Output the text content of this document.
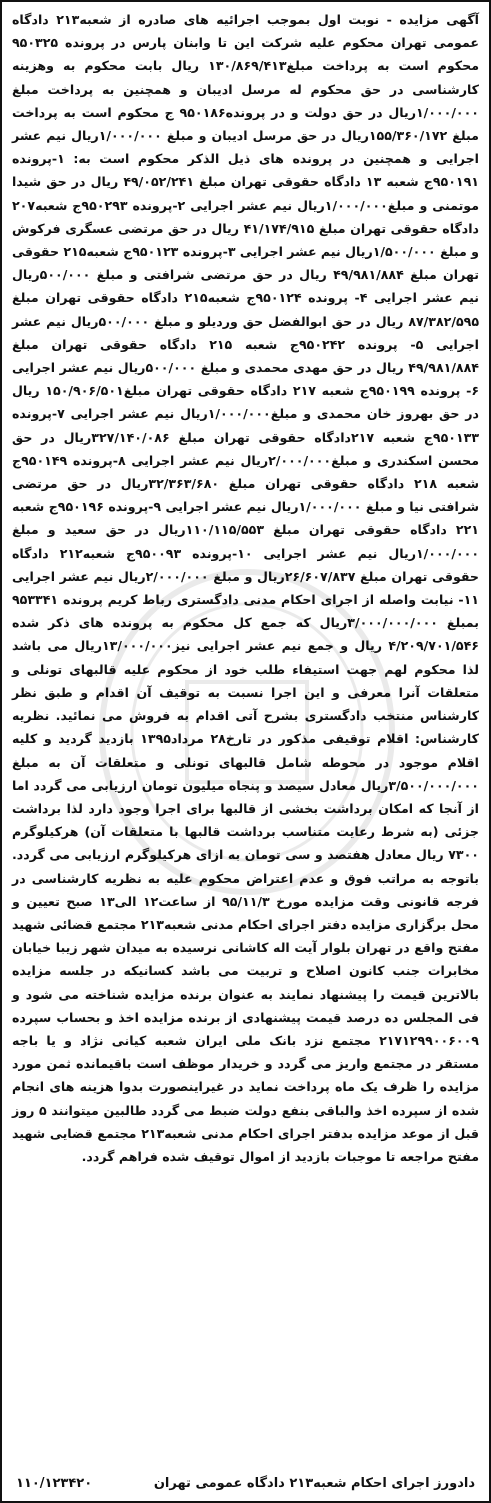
آگهی مزایده - نوبت اول بموجب اجرائیه های صادره از شعبه۲۱۳ دادگاه عمومی تهران محکوم علیه شرکت این تا وابنان پارس در پرونده ۹۵۰۳۲۵ محکوم است به پرداخت مبلغ۱۳۰/۸۶۹/۴۱۳ ریال بابت محکوم به وهزینه کارشناسی در حق محکوم له مرسل ادیبان و همچنین به پرداخت مبلغ ۱/۰۰۰/۰۰۰ریال در حق دولت و در پرونده۹۵۰۱۸۶ ج محکوم است به پرداخت مبلغ ۱۵۵/۳۶۰/۱۷۲ریال در حق مرسل ادیبان و مبلغ ۱/۰۰۰/۰۰۰ریال نیم عشر اجرایی و همچنین در پرونده های ذیل الذکر محکوم است به: ۱-پرونده ۹۵۰۱۹۱ج شعبه ۱۳ دادگاه حقوقی تهران مبلغ ۴۹/۰۵۲/۲۴۱ ریال در حق شیدا موتمنی و مبلغ۱/۰۰۰/۰۰۰ریال نیم عشر اجرایی ۲-پرونده ۹۵۰۲۹۳ج شعبه۲۰۷ دادگاه حقوقی تهران مبلغ ۴۱/۱۷۴/۹۱۵ ریال در حق مرتضی عسگری فرکوش و مبلغ ۱/۵۰۰/۰۰۰ریال نیم عشر اجرایی ۳-پرونده ۹۵۰۱۲۳ج شعبه۲۱۵ حقوقی تهران مبلغ ۴۹/۹۸۱/۸۸۴ ریال در حق مرتضی شرافتی و مبلغ ۵۰۰/۰۰۰ریال نیم عشر اجرایی ۴- پرونده ۹۵۰۱۲۴ج شعبه۲۱۵ دادگاه حقوقی تهران مبلغ ۸۷/۳۸۲/۵۹۵ ریال در حق ابوالفضل حق وردیلو و مبلغ ۵۰۰/۰۰۰ریال نیم عشر اجرایی ۵- پرونده ۹۵۰۲۴۲ج شعبه ۲۱۵ دادگاه حقوقی تهران مبلغ ۴۹/۹۸۱/۸۸۴ ریال در حق مهدی محمدی و مبلغ ۵۰۰/۰۰۰ریال نیم عشر اجرایی ۶- پرونده ۹۵۰۱۹۹ج شعبه ۲۱۷ دادگاه حقوقی تهران مبلغ۱۵۰/۹۰۶/۵۰۱ ریال در حق بهروز خان محمدی و مبلغ۱/۰۰۰/۰۰۰ریال نیم عشر اجرایی ۷-پرونده ۹۵۰۱۳۳ج شعبه ۲۱۷دادگاه حقوقی تهران مبلغ ۳۲۷/۱۴۰/۰۸۶ریال در حق محسن اسکندری و مبلغ۲/۰۰۰/۰۰۰ریال نیم عشر اجرایی ۸-پرونده ۹۵۰۱۴۹ج شعبه ۲۱۸ دادگاه حقوقی تهران مبلغ ۳۲/۳۶۳/۶۸۰ریال در حق مرتضی شرافتی نیا و مبلغ ۱/۰۰۰/۰۰۰ریال نیم عشر اجرایی ۹-پرونده ۹۵۰۱۹۶ج شعبه ۲۲۱ دادگاه حقوقی تهران مبلغ ۱۱۰/۱۱۵/۵۵۳ریال در حق سعید و مبلغ ۱/۰۰۰/۰۰۰ریال نیم عشر اجرایی ۱۰-پرونده ۹۵۰۰۹۳ج شعبه۲۱۲ دادگاه حقوقی تهران مبلغ ۲۶/۶۰۷/۸۳۷ریال و مبلغ ۲/۰۰۰/۰۰۰ریال نیم عشر اجرایی ۱۱- نیابت واصله از اجرای احکام مدنی دادگستری رباط کریم پرونده ۹۵۳۳۴۱ بمبلغ ۳/۰۰۰/۰۰۰/۰۰۰ریال که جمع کل محکوم به پرونده های ذکر شده ۴/۲۰۹/۷۰۱/۵۴۶ ریال و جمع نیم عشر اجرایی نیز۱۳/۰۰۰/۰۰۰ریال می باشد لذا محکوم لهم جهت استیفاء طلب خود از محکوم علیه قالبهای تونلی و متعلقات آنرا معرفی و این اجرا نسبت به توقیف آن اقدام و طبق نظر کارشناس منتخب دادگستری بشرح آتی اقدام به فروش می نمائید. نظریه کارشناس: اقلام توقیفی مذکور در تارخ۲۸ مرداد۱۳۹۵ بازدید گردید و کلیه اقلام موجود در محوطه شامل قالبهای تونلی و متعلقات آن به مبلغ ۳/۵۰۰/۰۰۰/۰۰۰ریال معادل سیصد و پنجاه میلیون تومان ارزیابی می گردد اما از آنجا که امکان برداشت بخشی از قالبها برای اجرا وجود دارد لذا برداشت جزئی (به شرط رعایت متناسب برداشت قالبها با متعلقات آن) هرکیلوگرم ۷۳۰۰ ریال معادل هفتصد و سی تومان به ازای هرکیلوگرم ارزیابی می گردد. باتوجه به مراتب فوق و عدم اعتراض محکوم علیه به نظریه کارشناسی در فرجه قانونی وقت مزایده مورخ ۹۵/۱۱/۳ از ساعت۱۲ الی۱۳ صبح تعیین و محل برگزاری مزایده دفتر اجرای احکام مدنی شعبه۲۱۳ مجتمع قضائی شهید مفتح واقع در تهران بلوار آیت اله کاشانی نرسیده به میدان شهر زیبا خیابان مخابرات جنب کانون اصلاح و تربیت می باشد کسانیکه در جلسه مزایده بالاترین قیمت را پیشنهاد نمایند به عنوان برنده مزایده شناخته می شود و فی المجلس ده درصد قیمت پیشنهادی از برنده مزایده اخذ و بحساب سپرده ۲۱۷۱۲۹۹۰۰۶۰۰۹ مجتمع نزد بانک ملی ایران شعبه کیانی نژاد و یا باجه مستقر در مجتمع واریز می گردد و خریدار موظف است باقیمانده ثمن مورد مزایده را ظرف یک ماه پرداخت نماید در غیراینصورت بدوا هزینه های انجام شده از سپرده اخذ والباقی بنفع دولت ضبط می گردد طالبین میتوانند ۵ روز قبل از موعد مزایده بدفتر اجرای احکام مدنی شعبه۲۱۳ مجتمع قضایی شهید مفتح مراجعه تا موجبات بازدید از اموال توقیف شده فراهم گردد.

دادورز اجرای احکام شعبه۲۱۳ دادگاه عمومی تهران
۱۱۰/۱۲۳۴۲۰
